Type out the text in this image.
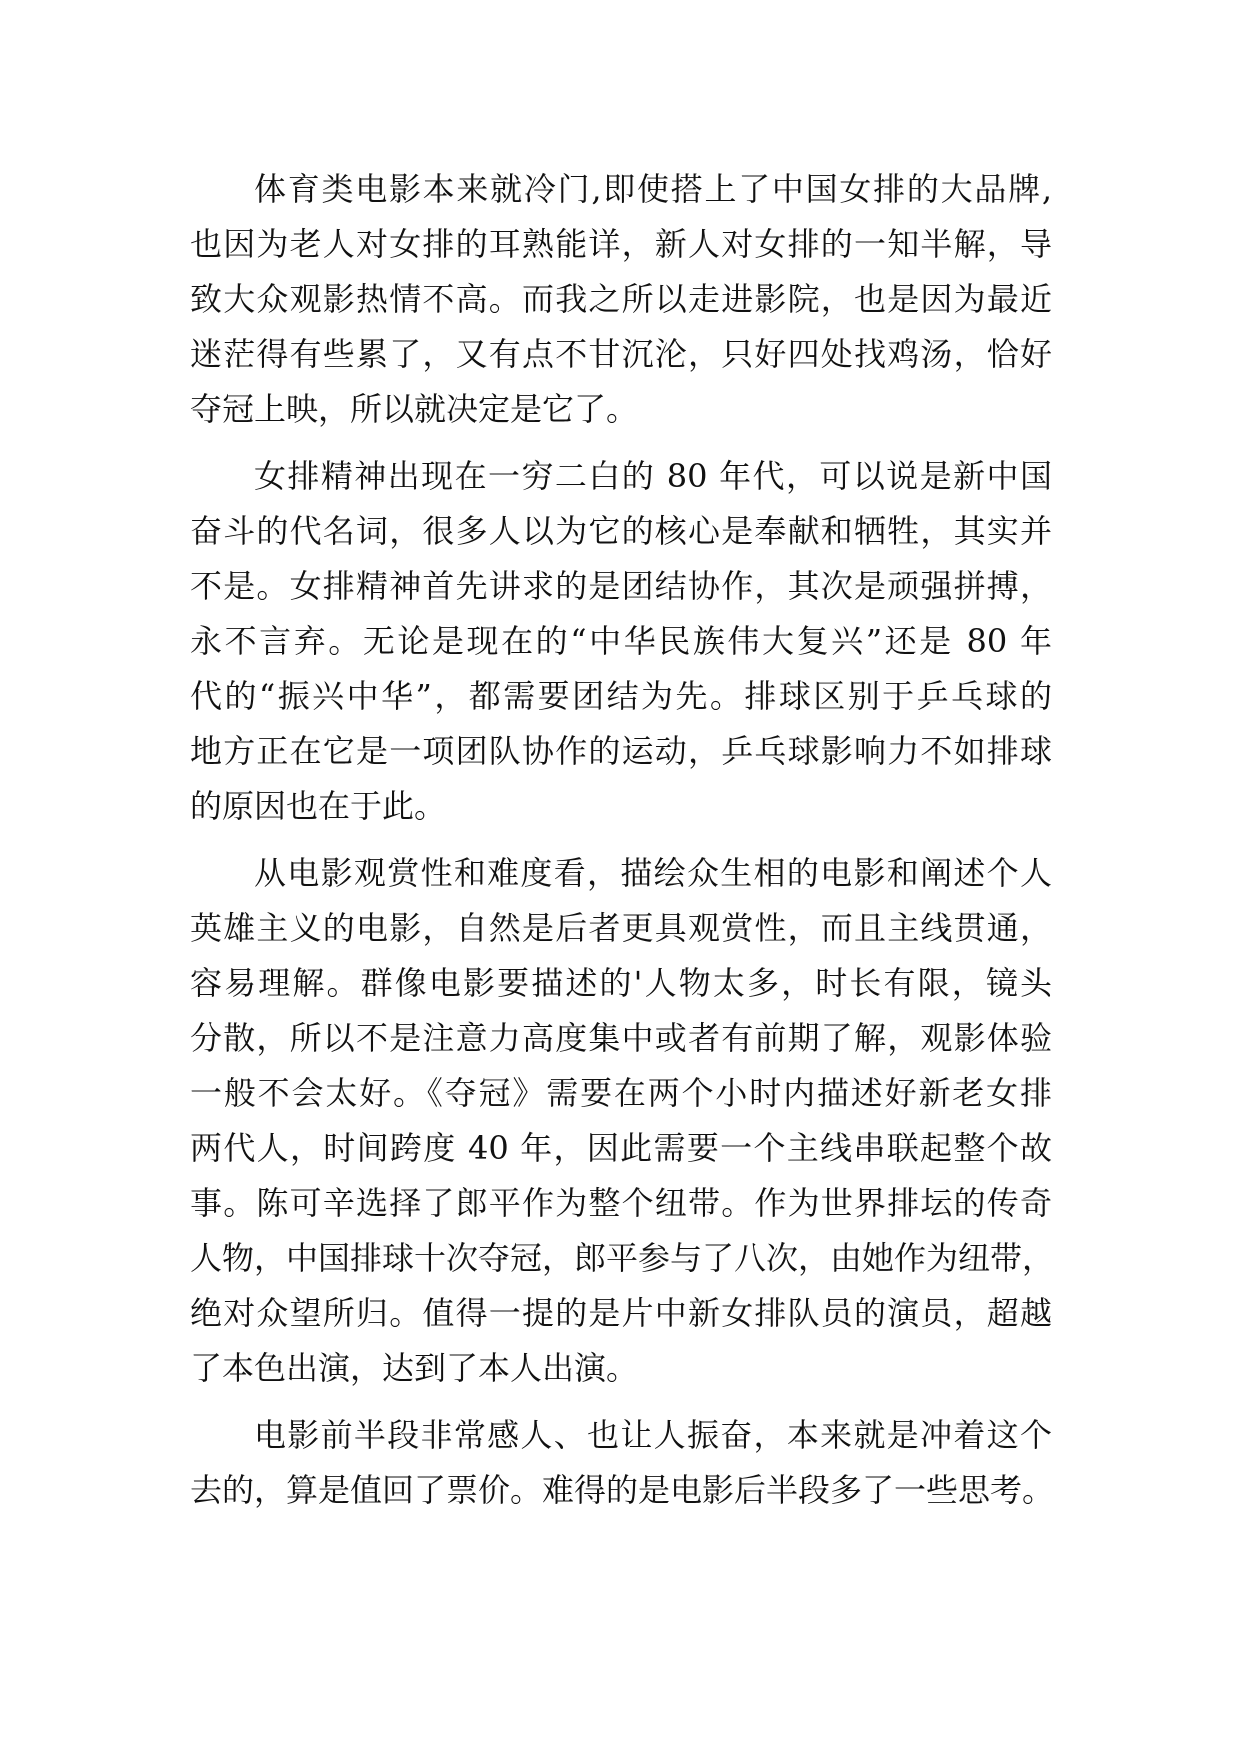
体育类电影本来就冷门,即使搭上了中国女排的大品牌,
也因为老人对女排的耳熟能详，新人对女排的一知半解，导
致大众观影热情不高。而我之所以走进影院，也是因为最近
迷茫得有些累了，又有点不甘沉沦，只好四处找鸡汤，恰好
夺冠上映，所以就决定是它了。

女排精神出现在一穷二白的 80 年代，可以说是新中国
奋斗的代名词，很多人以为它的核心是奉献和牺牲，其实并
不是。女排精神首先讲求的是团结协作，其次是顽强拼搏，
永不言弃。无论是现在的“中华民族伟大复兴”还是 80 年
代的“振兴中华”，都需要团结为先。排球区别于乒乓球的
地方正在它是一项团队协作的运动，乒乓球影响力不如排球
的原因也在于此。

从电影观赏性和难度看，描绘众生相的电影和阐述个人
英雄主义的电影，自然是后者更具观赏性，而且主线贯通，
容易理解。群像电影要描述的'人物太多，时长有限，镜头
分散，所以不是注意力高度集中或者有前期了解，观影体验
一般不会太好。《夺冠》需要在两个小时内描述好新老女排
两代人，时间跨度 40 年，因此需要一个主线串联起整个故
事。陈可辛选择了郎平作为整个纽带。作为世界排坛的传奇
人物，中国排球十次夺冠，郎平参与了八次，由她作为纽带，
绝对众望所归。值得一提的是片中新女排队员的演员，超越
了本色出演，达到了本人出演。

电影前半段非常感人、也让人振奋，本来就是冲着这个
去的，算是值回了票价。难得的是电影后半段多了一些思考。
